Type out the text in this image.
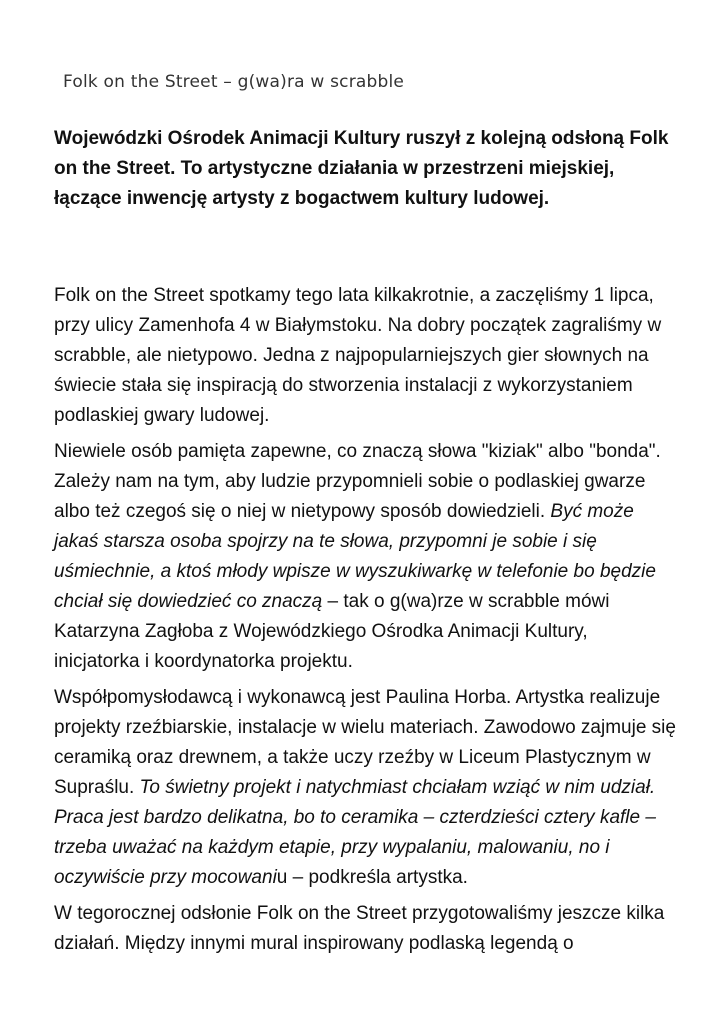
Folk on the Street – g(wa)ra w scrabble

Wojewódzki Ośrodek Animacji Kultury ruszył z kolejną odsłoną Folk on the Street. To artystyczne działania w przestrzeni miejskiej, łączące inwencję artysty z bogactwem kultury ludowej.

Folk on the Street spotkamy tego lata kilkakrotnie, a zaczęliśmy 1 lipca, przy ulicy Zamenhofa 4 w Białymstoku. Na dobry początek zagraliśmy w scrabble, ale nietypowo. Jedna z najpopularniejszych gier słownych na świecie stała się inspiracją do stworzenia instalacji z wykorzystaniem podlaskiej gwary ludowej.

Niewiele osób pamięta zapewne, co znaczą słowa "kiziak" albo "bonda". Zależy nam na tym, aby ludzie przypomnieli sobie o podlaskiej gwarze albo też czegoś się o niej w nietypowy sposób dowiedzieli. Być może jakaś starsza osoba spojrzy na te słowa, przypomni je sobie i się uśmiechnie, a ktoś młody wpisze w wyszukiwarkę w telefonie bo będzie chciał się dowiedzieć co znaczą – tak o g(wa)rze w scrabble mówi Katarzyna Zagłoba z Wojewódzkiego Ośrodka Animacji Kultury, inicjatorka i koordynatorka projektu.

Współpomysłodawcą i wykonawcą jest Paulina Horba. Artystka realizuje projekty rzeźbiarskie, instalacje w wielu materiach. Zawodowo zajmuje się ceramiką oraz drewnem, a także uczy rzeźby w Liceum Plastycznym w Supraślu. To świetny projekt i natychmiast chciałam wziąć w nim udział. Praca jest bardzo delikatna, bo to ceramika – czterdzieści cztery kafle – trzeba uważać na każdym etapie, przy wypalaniu, malowaniu, no i oczywiście przy mocowaniu – podkreśla artystka.

W tegorocznej odsłonie Folk on the Street przygotowaliśmy jeszcze kilka działań. Między innymi mural inspirowany podlaską legendą o
